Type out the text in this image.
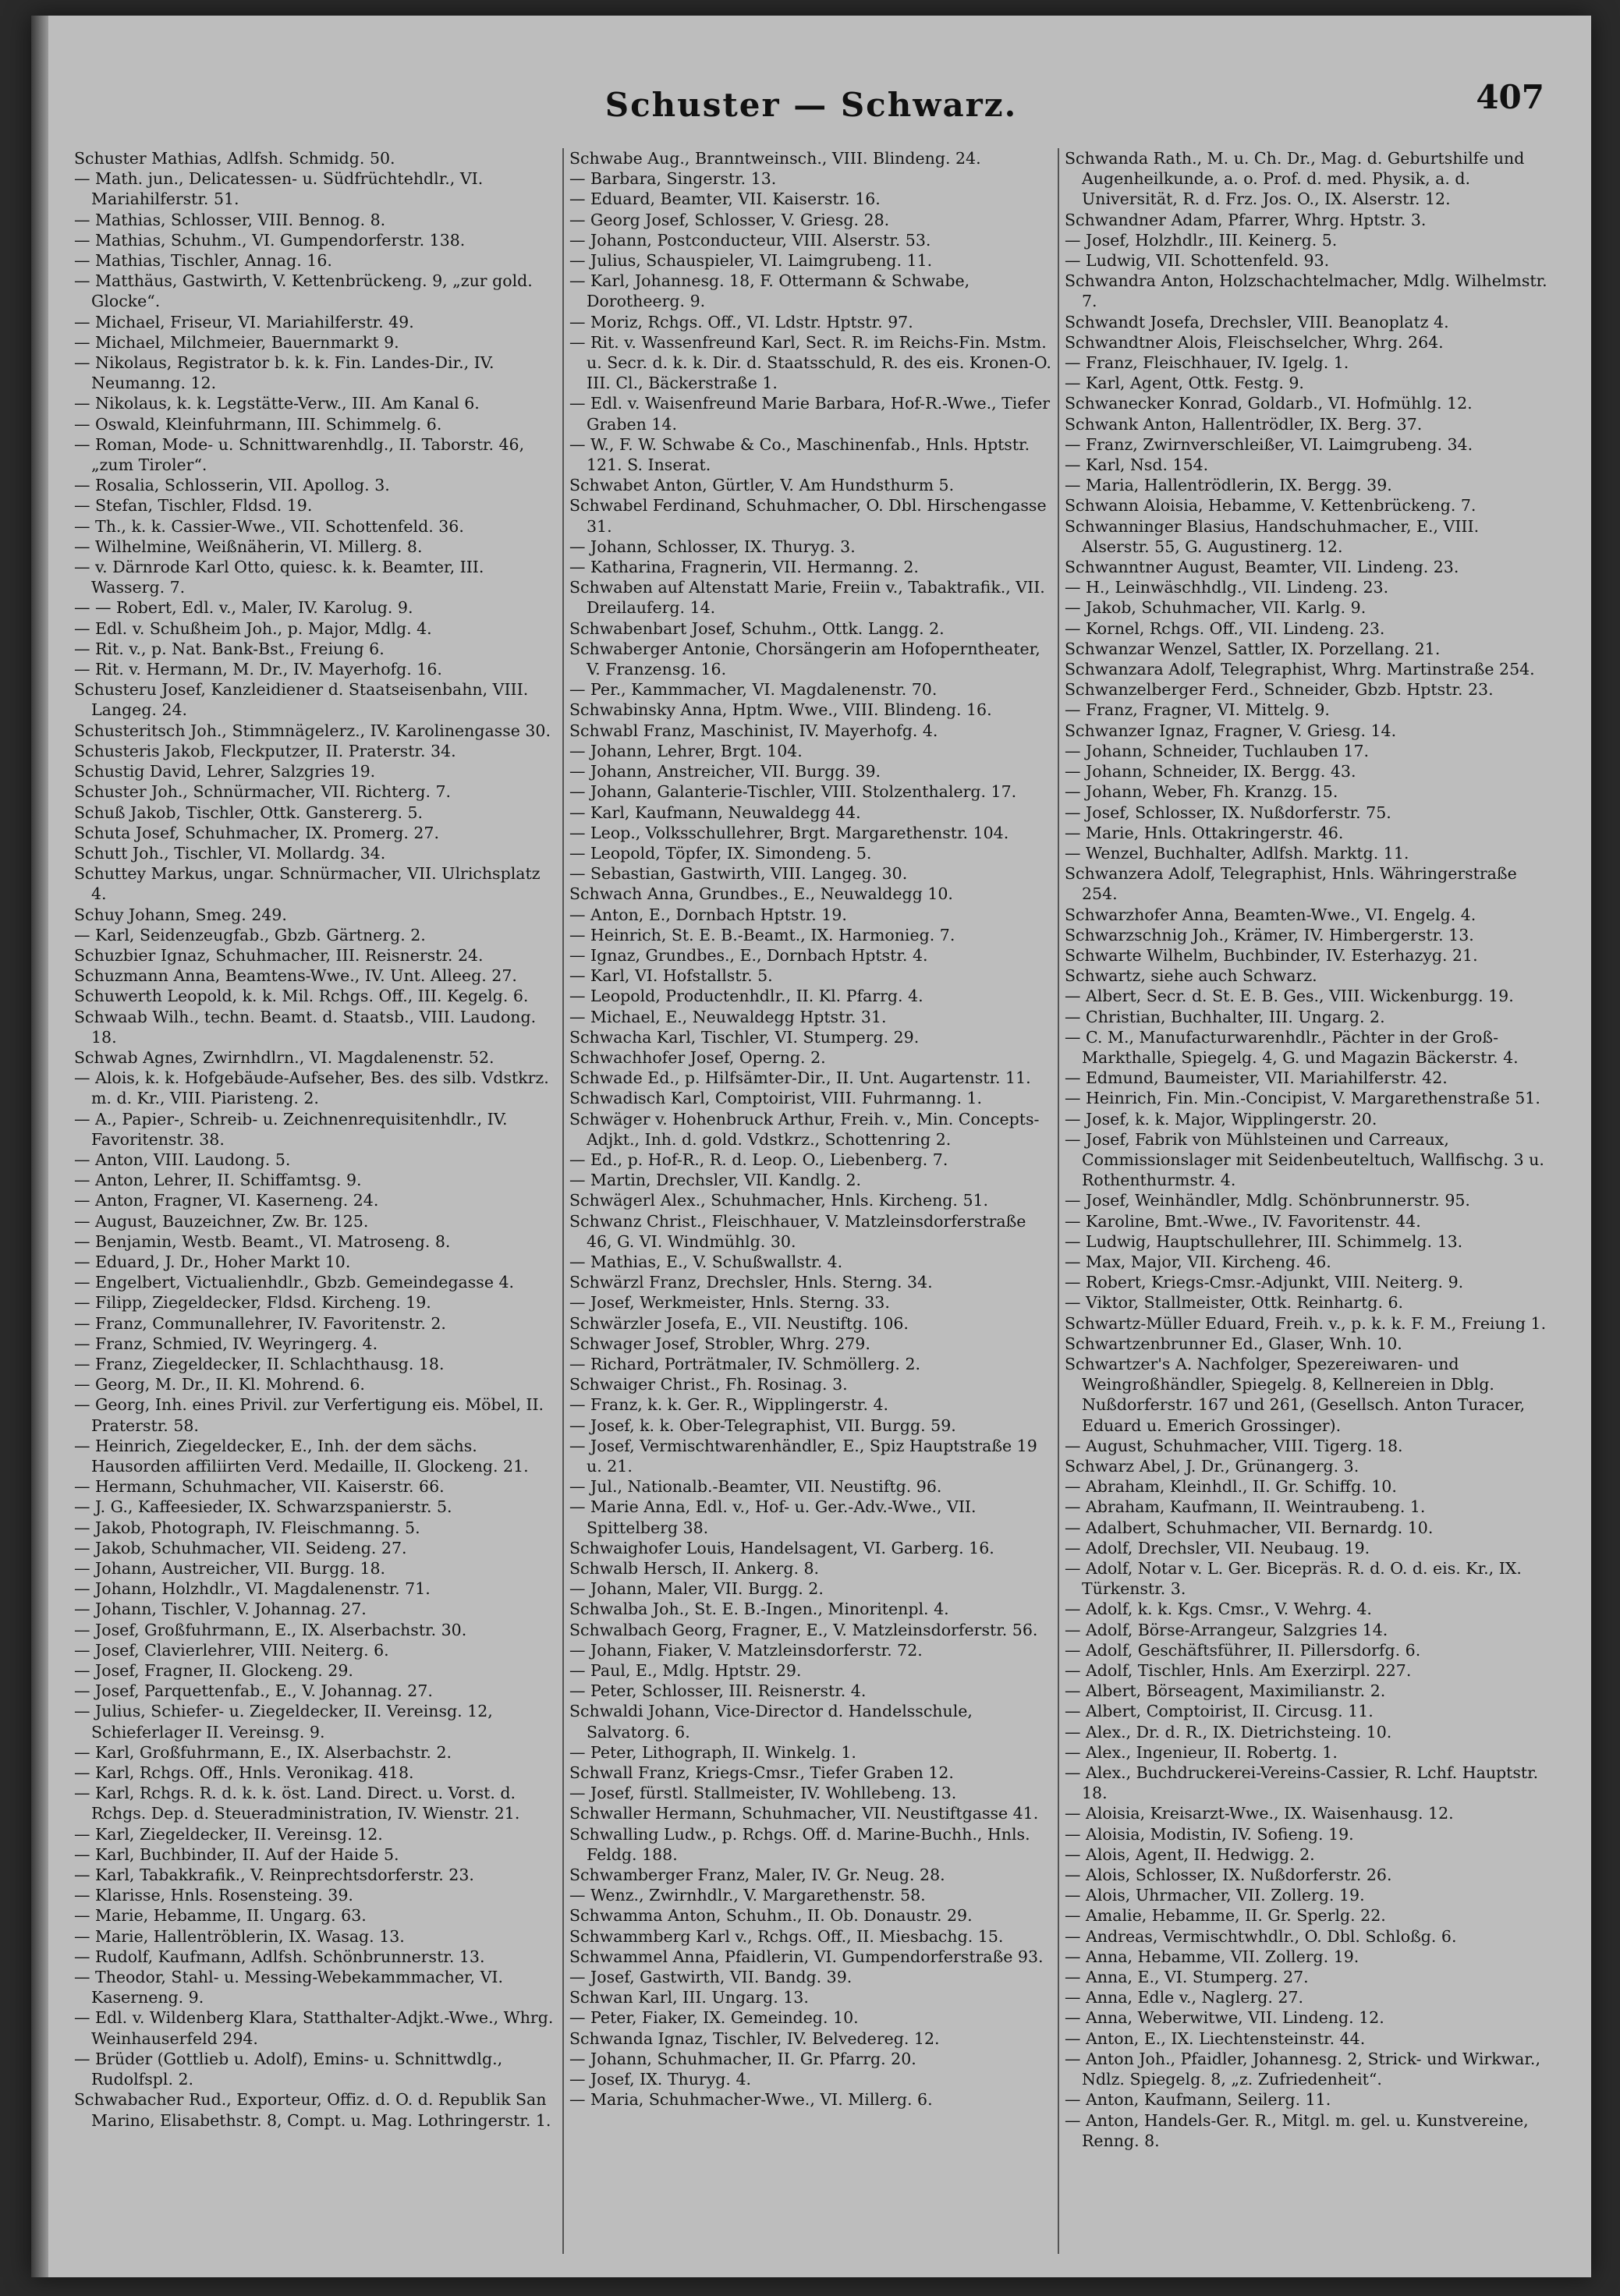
Schuster — Schwarz.	407

Schuster Mathias, Adlfsh. Schmidg. 50.

— Math. jun., Delicatessen- u. Südfrüchtehdlr., VI. Mariahilferstr. 51.

— Mathias, Schlosser, VIII. Bennog. 8.

— Mathias, Schuhm., VI. Gumpendorferstr. 138.

— Mathias, Tischler, Annag. 16.

— Matthäus, Gastwirth, V. Kettenbrückeng. 9, „zur gold. Glocke“.

— Michael, Friseur, VI. Mariahilferstr. 49.

— Michael, Milchmeier, Bauernmarkt 9.

— Nikolaus, Registrator b. k. k. Fin. Landes-Dir., IV. Neumanng. 12.

— Nikolaus, k. k. Legstätte-Verw., III. Am Kanal 6.

— Oswald, Kleinfuhrmann, III. Schimmelg. 6.

— Roman, Mode- u. Schnittwarenhdlg., II. Taborstr. 46, „zum Tiroler“.

— Rosalia, Schlosserin, VII. Apollog. 3.

— Stefan, Tischler, Fldsd. 19.

— Th., k. k. Cassier-Wwe., VII. Schottenfeld. 36.

— Wilhelmine, Weißnäherin, VI. Millerg. 8.

— v. Därnrode Karl Otto, quiesc. k. k. Beamter, III. Wasserg. 7.

— — Robert, Edl. v., Maler, IV. Karolug. 9.

— Edl. v. Schußheim Joh., p. Major, Mdlg. 4.

— Rit. v., p. Nat. Bank-Bst., Freiung 6.

— Rit. v. Hermann, M. Dr., IV. Mayerhofg. 16.

Schusteru Josef, Kanzleidiener d. Staatseisenbahn, VIII. Langeg. 24.

Schusteritsch Joh., Stimmnägelerz., IV. Karolinengasse 30.

Schusteris Jakob, Fleckputzer, II. Praterstr. 34.

Schustig David, Lehrer, Salzgries 19.

Schuster Joh., Schnürmacher, VII. Richterg. 7.

Schuß Jakob, Tischler, Ottk. Ganstererg. 5.

Schuta Josef, Schuhmacher, IX. Promerg. 27.

Schutt Joh., Tischler, VI. Mollardg. 34.

Schuttey Markus, ungar. Schnürmacher, VII. Ulrichsplatz 4.

Schuy Johann, Smeg. 249.

— Karl, Seidenzeugfab., Gbzb. Gärtnerg. 2.

Schuzbier Ignaz, Schuhmacher, III. Reisnerstr. 24.

Schuzmann Anna, Beamtens-Wwe., IV. Unt. Alleeg. 27.

Schuwerth Leopold, k. k. Mil. Rchgs. Off., III. Kegelg. 6.

Schwaab Wilh., techn. Beamt. d. Staatsb., VIII. Laudong. 18.

Schwab Agnes, Zwirnhdlrn., VI. Magdalenenstr. 52.

— Alois, k. k. Hofgebäude-Aufseher, Bes. des silb. Vdstkrz. m. d. Kr., VIII. Piaristeng. 2.

— A., Papier-, Schreib- u. Zeichnenrequisitenhdlr., IV. Favoritenstr. 38.

— Anton, VIII. Laudong. 5.

— Anton, Lehrer, II. Schiffamtsg. 9.

— Anton, Fragner, VI. Kaserneng. 24.

— August, Bauzeichner, Zw. Br. 125.

— Benjamin, Westb. Beamt., VI. Matroseng. 8.

— Eduard, J. Dr., Hoher Markt 10.

— Engelbert, Victualienhdlr., Gbzb. Gemeindegasse 4.

— Filipp, Ziegeldecker, Fldsd. Kircheng. 19.

— Franz, Communallehrer, IV. Favoritenstr. 2.

— Franz, Schmied, IV. Weyringerg. 4.

— Franz, Ziegeldecker, II. Schlachthausg. 18.

— Georg, M. Dr., II. Kl. Mohrend. 6.

— Georg, Inh. eines Privil. zur Verfertigung eis. Möbel, II. Praterstr. 58.

— Heinrich, Ziegeldecker, E., Inh. der dem sächs. Hausorden affiliirten Verd. Medaille, II. Glockeng. 21.

— Hermann, Schuhmacher, VII. Kaiserstr. 66.

— J. G., Kaffeesieder, IX. Schwarzspanierstr. 5.

— Jakob, Photograph, IV. Fleischmanng. 5.

— Jakob, Schuhmacher, VII. Seideng. 27.

— Johann, Austreicher, VII. Burgg. 18.

— Johann, Holzhdlr., VI. Magdalenenstr. 71.

— Johann, Tischler, V. Johannag. 27.

— Josef, Großfuhrmann, E., IX. Alserbachstr. 30.

— Josef, Clavierlehrer, VIII. Neiterg. 6.

— Josef, Fragner, II. Glockeng. 29.

— Josef, Parquettenfab., E., V. Johannag. 27.

— Julius, Schiefer- u. Ziegeldecker, II. Vereinsg. 12, Schieferlager II. Vereinsg. 9.

— Karl, Großfuhrmann, E., IX. Alserbachstr. 2.

— Karl, Rchgs. Off., Hnls. Veronikag. 418.

— Karl, Rchgs. R. d. k. k. öst. Land. Direct. u. Vorst. d. Rchgs. Dep. d. Steueradministration, IV. Wienstr. 21.

— Karl, Ziegeldecker, II. Vereinsg. 12.

— Karl, Buchbinder, II. Auf der Haide 5.

— Karl, Tabakkrafik., V. Reinprechtsdorferstr. 23.

— Klarisse, Hnls. Rosensteing. 39.

— Marie, Hebamme, II. Ungarg. 63.

— Marie, Hallentröblerin, IX. Wasag. 13.

— Rudolf, Kaufmann, Adlfsh. Schönbrunnerstr. 13.

— Theodor, Stahl- u. Messing-Webekammmacher, VI. Kaserneng. 9.

— Edl. v. Wildenberg Klara, Statthalter-Adjkt.-Wwe., Whrg. Weinhauserfeld 294.

— Brüder (Gottlieb u. Adolf), Emins- u. Schnittwdlg., Rudolfspl. 2.

Schwabacher Rud., Exporteur, Offiz. d. O. d. Republik San Marino, Elisabethstr. 8, Compt. u. Mag. Lothringerstr. 1.

Schwabe Aug., Branntweinsch., VIII. Blindeng. 24.

— Barbara, Singerstr. 13.

— Eduard, Beamter, VII. Kaiserstr. 16.

— Georg Josef, Schlosser, V. Griesg. 28.

— Johann, Postconducteur, VIII. Alserstr. 53.

— Julius, Schauspieler, VI. Laimgrubeng. 11.

— Karl, Johannesg. 18, F. Ottermann & Schwabe, Dorotheerg. 9.

— Moriz, Rchgs. Off., VI. Ldstr. Hptstr. 97.

— Rit. v. Wassenfreund Karl, Sect. R. im Reichs-Fin. Mstm. u. Secr. d. k. k. Dir. d. Staatsschuld, R. des eis. Kronen-O. III. Cl., Bäckerstraße 1.

— Edl. v. Waisenfreund Marie Barbara, Hof-R.-Wwe., Tiefer Graben 14.

— W., F. W. Schwabe & Co., Maschinenfab., Hnls. Hptstr. 121. S. Inserat.

Schwabet Anton, Gürtler, V. Am Hundsthurm 5.

Schwabel Ferdinand, Schuhmacher, O. Dbl. Hirschengasse 31.

— Johann, Schlosser, IX. Thuryg. 3.

— Katharina, Fragnerin, VII. Hermanng. 2.

Schwaben auf Altenstatt Marie, Freiin v., Tabaktrafik., VII. Dreilauferg. 14.

Schwabenbart Josef, Schuhm., Ottk. Langg. 2.

Schwaberger Antonie, Chorsängerin am Hofoperntheater, V. Franzensg. 16.

— Per., Kammmacher, VI. Magdalenenstr. 70.

Schwabinsky Anna, Hptm. Wwe., VIII. Blindeng. 16.

Schwabl Franz, Maschinist, IV. Mayerhofg. 4.

— Johann, Lehrer, Brgt. 104.

— Johann, Anstreicher, VII. Burgg. 39.

— Johann, Galanterie-Tischler, VIII. Stolzenthalerg. 17.

— Karl, Kaufmann, Neuwaldegg 44.

— Leop., Volksschullehrer, Brgt. Margarethenstr. 104.

— Leopold, Töpfer, IX. Simondeng. 5.

— Sebastian, Gastwirth, VIII. Langeg. 30.

Schwach Anna, Grundbes., E., Neuwaldegg 10.

— Anton, E., Dornbach Hptstr. 19.

— Heinrich, St. E. B.-Beamt., IX. Harmonieg. 7.

— Ignaz, Grundbes., E., Dornbach Hptstr. 4.

— Karl, VI. Hofstallstr. 5.

— Leopold, Productenhdlr., II. Kl. Pfarrg. 4.

— Michael, E., Neuwaldegg Hptstr. 31.

Schwacha Karl, Tischler, VI. Stumperg. 29.

Schwachhofer Josef, Operng. 2.

Schwade Ed., p. Hilfsämter-Dir., II. Unt. Augartenstr. 11.

Schwadisch Karl, Comptoirist, VIII. Fuhrmanng. 1.

Schwäger v. Hohenbruck Arthur, Freih. v., Min. Concepts-Adjkt., Inh. d. gold. Vdstkrz., Schottenring 2.

— Ed., p. Hof-R., R. d. Leop. O., Liebenberg. 7.

— Martin, Drechsler, VII. Kandlg. 2.

Schwägerl Alex., Schuhmacher, Hnls. Kircheng. 51.

Schwanz Christ., Fleischhauer, V. Matzleinsdorferstraße 46, G. VI. Windmühlg. 30.

— Mathias, E., V. Schußwallstr. 4.

Schwärzl Franz, Drechsler, Hnls. Sterng. 34.

— Josef, Werkmeister, Hnls. Sterng. 33.

Schwärzler Josefa, E., VII. Neustiftg. 106.

Schwager Josef, Strobler, Whrg. 279.

— Richard, Porträtmaler, IV. Schmöllerg. 2.

Schwaiger Christ., Fh. Rosinag. 3.

— Franz, k. k. Ger. R., Wipplingerstr. 4.

— Josef, k. k. Ober-Telegraphist, VII. Burgg. 59.

— Josef, Vermischtwarenhändler, E., Spiz Hauptstraße 19 u. 21.

— Jul., Nationalb.-Beamter, VII. Neustiftg. 96.

— Marie Anna, Edl. v., Hof- u. Ger.-Adv.-Wwe., VII. Spittelberg 38.

Schwaighofer Louis, Handelsagent, VI. Garberg. 16.

Schwalb Hersch, II. Ankerg. 8.

— Johann, Maler, VII. Burgg. 2.

Schwalba Joh., St. E. B.-Ingen., Minoritenpl. 4.

Schwalbach Georg, Fragner, E., V. Matzleinsdorferstr. 56.

— Johann, Fiaker, V. Matzleinsdorferstr. 72.

— Paul, E., Mdlg. Hptstr. 29.

— Peter, Schlosser, III. Reisnerstr. 4.

Schwaldi Johann, Vice-Director d. Handelsschule, Salvatorg. 6.

— Peter, Lithograph, II. Winkelg. 1.

Schwall Franz, Kriegs-Cmsr., Tiefer Graben 12.

— Josef, fürstl. Stallmeister, IV. Wohllebeng. 13.

Schwaller Hermann, Schuhmacher, VII. Neustiftgasse 41.

Schwalling Ludw., p. Rchgs. Off. d. Marine-Buchh., Hnls. Feldg. 188.

Schwamberger Franz, Maler, IV. Gr. Neug. 28.

— Wenz., Zwirnhdlr., V. Margarethenstr. 58.

Schwamma Anton, Schuhm., II. Ob. Donaustr. 29.

Schwammberg Karl v., Rchgs. Off., II. Miesbachg. 15.

Schwammel Anna, Pfaidlerin, VI. Gumpendorferstraße 93.

— Josef, Gastwirth, VII. Bandg. 39.

Schwan Karl, III. Ungarg. 13.

— Peter, Fiaker, IX. Gemeindeg. 10.

Schwanda Ignaz, Tischler, IV. Belvedereg. 12.

— Johann, Schuhmacher, II. Gr. Pfarrg. 20.

— Josef, IX. Thuryg. 4.

— Maria, Schuhmacher-Wwe., VI. Millerg. 6.

Schwanda Rath., M. u. Ch. Dr., Mag. d. Geburtshilfe und Augenheilkunde, a. o. Prof. d. med. Physik, a. d. Universität, R. d. Frz. Jos. O., IX. Alserstr. 12.

Schwandner Adam, Pfarrer, Whrg. Hptstr. 3.

— Josef, Holzhdlr., III. Keinerg. 5.

— Ludwig, VII. Schottenfeld. 93.

Schwandra Anton, Holzschachtelmacher, Mdlg. Wilhelmstr. 7.

Schwandt Josefa, Drechsler, VIII. Beanoplatz 4.

Schwandtner Alois, Fleischselcher, Whrg. 264.

— Franz, Fleischhauer, IV. Igelg. 1.

— Karl, Agent, Ottk. Festg. 9.

Schwanecker Konrad, Goldarb., VI. Hofmühlg. 12.

Schwank Anton, Hallentrödler, IX. Berg. 37.

— Franz, Zwirnverschleißer, VI. Laimgrubeng. 34.

— Karl, Nsd. 154.

— Maria, Hallentrödlerin, IX. Bergg. 39.

Schwann Aloisia, Hebamme, V. Kettenbrückeng. 7.

Schwanninger Blasius, Handschuhmacher, E., VIII. Alserstr. 55, G. Augustinerg. 12.

Schwanntner August, Beamter, VII. Lindeng. 23.

— H., Leinwäschhdlg., VII. Lindeng. 23.

— Jakob, Schuhmacher, VII. Karlg. 9.

— Kornel, Rchgs. Off., VII. Lindeng. 23.

Schwanzar Wenzel, Sattler, IX. Porzellang. 21.

Schwanzara Adolf, Telegraphist, Whrg. Martinstraße 254.

Schwanzelberger Ferd., Schneider, Gbzb. Hptstr. 23.

— Franz, Fragner, VI. Mittelg. 9.

Schwanzer Ignaz, Fragner, V. Griesg. 14.

— Johann, Schneider, Tuchlauben 17.

— Johann, Schneider, IX. Bergg. 43.

— Johann, Weber, Fh. Kranzg. 15.

— Josef, Schlosser, IX. Nußdorferstr. 75.

— Marie, Hnls. Ottakringerstr. 46.

— Wenzel, Buchhalter, Adlfsh. Marktg. 11.

Schwanzera Adolf, Telegraphist, Hnls. Währingerstraße 254.

Schwarzhofer Anna, Beamten-Wwe., VI. Engelg. 4.

Schwarzschnig Joh., Krämer, IV. Himbergerstr. 13.

Schwarte Wilhelm, Buchbinder, IV. Esterhazyg. 21.

Schwartz, siehe auch Schwarz.

— Albert, Secr. d. St. E. B. Ges., VIII. Wickenburgg. 19.

— Christian, Buchhalter, III. Ungarg. 2.

— C. M., Manufacturwarenhdlr., Pächter in der Groß-Markthalle, Spiegelg. 4, G. und Magazin Bäckerstr. 4.

— Edmund, Baumeister, VII. Mariahilferstr. 42.

— Heinrich, Fin. Min.-Concipist, V. Margarethenstraße 51.

— Josef, k. k. Major, Wipplingerstr. 20.

— Josef, Fabrik von Mühlsteinen und Carreaux, Commissionslager mit Seidenbeuteltuch, Wallfischg. 3 u. Rothenthurmstr. 4.

— Josef, Weinhändler, Mdlg. Schönbrunnerstr. 95.

— Karoline, Bmt.-Wwe., IV. Favoritenstr. 44.

— Ludwig, Hauptschullehrer, III. Schimmelg. 13.

— Max, Major, VII. Kircheng. 46.

— Robert, Kriegs-Cmsr.-Adjunkt, VIII. Neiterg. 9.

— Viktor, Stallmeister, Ottk. Reinhartg. 6.

Schwartz-Müller Eduard, Freih. v., p. k. k. F. M., Freiung 1.

Schwartzenbrunner Ed., Glaser, Wnh. 10.

Schwartzer's A. Nachfolger, Spezereiwaren- und Weingroßhändler, Spiegelg. 8, Kellnereien in Dblg. Nußdorferstr. 167 und 261, (Gesellsch. Anton Turacer, Eduard u. Emerich Grossinger).

— August, Schuhmacher, VIII. Tigerg. 18.

Schwarz Abel, J. Dr., Grünangerg. 3.

— Abraham, Kleinhdl., II. Gr. Schiffg. 10.

— Abraham, Kaufmann, II. Weintraubeng. 1.

— Adalbert, Schuhmacher, VII. Bernardg. 10.

— Adolf, Drechsler, VII. Neubaug. 19.

— Adolf, Notar v. L. Ger. Bicepräs. R. d. O. d. eis. Kr., IX. Türkenstr. 3.

— Adolf, k. k. Kgs. Cmsr., V. Wehrg. 4.

— Adolf, Börse-Arrangeur, Salzgries 14.

— Adolf, Geschäftsführer, II. Pillersdorfg. 6.

— Adolf, Tischler, Hnls. Am Exerzirpl. 227.

— Albert, Börseagent, Maximilianstr. 2.

— Albert, Comptoirist, II. Circusg. 11.

— Alex., Dr. d. R., IX. Dietrichsteing. 10.

— Alex., Ingenieur, II. Robertg. 1.

— Alex., Buchdruckerei-Vereins-Cassier, R. Lchf. Hauptstr. 18.

— Aloisia, Kreisarzt-Wwe., IX. Waisenhausg. 12.

— Aloisia, Modistin, IV. Sofieng. 19.

— Alois, Agent, II. Hedwigg. 2.

— Alois, Schlosser, IX. Nußdorferstr. 26.

— Alois, Uhrmacher, VII. Zollerg. 19.

— Amalie, Hebamme, II. Gr. Sperlg. 22.

— Andreas, Vermischtwhdlr., O. Dbl. Schloßg. 6.

— Anna, Hebamme, VII. Zollerg. 19.

— Anna, E., VI. Stumperg. 27.

— Anna, Edle v., Naglerg. 27.

— Anna, Weberwitwe, VII. Lindeng. 12.

— Anton, E., IX. Liechtensteinstr. 44.

— Anton Joh., Pfaidler, Johannesg. 2, Strick- und Wirkwar., Ndlz. Spiegelg. 8, „z. Zufriedenheit“.

— Anton, Kaufmann, Seilerg. 11.

— Anton, Handels-Ger. R., Mitgl. m. gel. u. Kunstvereine, Renng. 8.
